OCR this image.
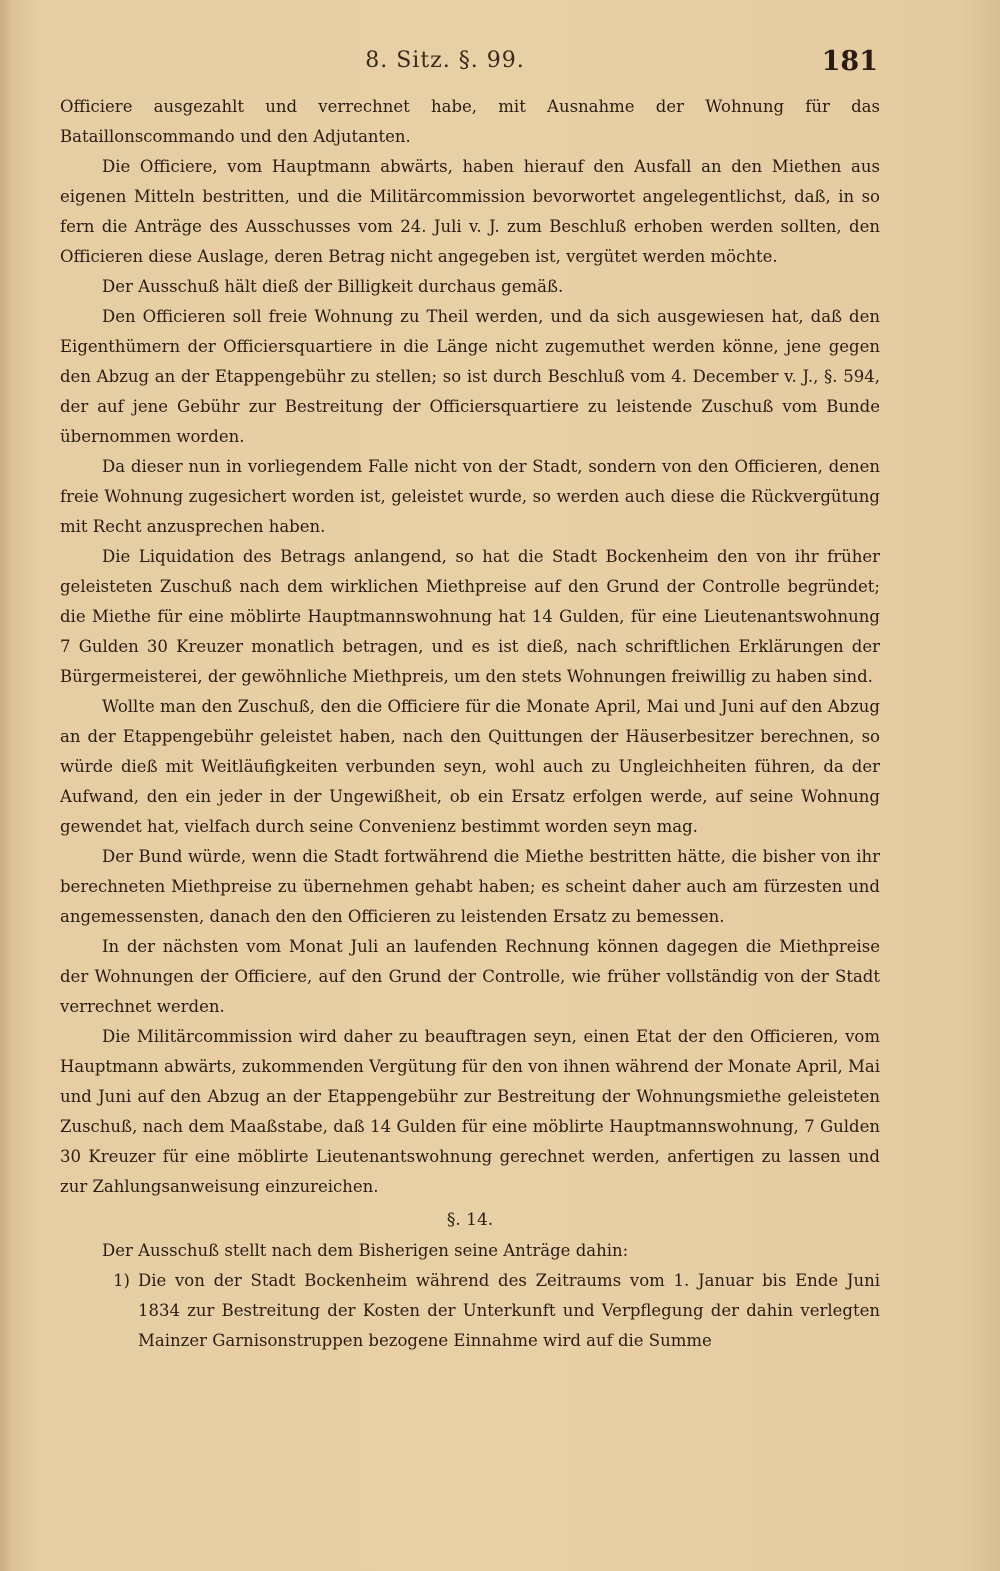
8. Sitz. §. 99.	181

Officiere ausgezahlt und verrechnet habe, mit Ausnahme der Wohnung für das Bataillonscommando und den Adjutanten.

Die Officiere, vom Hauptmann abwärts, haben hierauf den Ausfall an den Miethen aus eigenen Mitteln bestritten, und die Militärcommission bevorwortet angelegentlichst, daß, in so fern die Anträge des Ausschusses vom 24. Juli v. J. zum Beschluß erhoben werden sollten, den Officieren diese Auslage, deren Betrag nicht angegeben ist, vergütet werden möchte.

Der Ausschuß hält dieß der Billigkeit durchaus gemäß.

Den Officieren soll freie Wohnung zu Theil werden, und da sich ausgewiesen hat, daß den Eigenthümern der Officiersquartiere in die Länge nicht zugemuthet werden könne, jene gegen den Abzug an der Etappengebühr zu stellen; so ist durch Beschluß vom 4. December v. J., §. 594, der auf jene Gebühr zur Bestreitung der Officiersquartiere zu leistende Zuschuß vom Bunde übernommen worden.

Da dieser nun in vorliegendem Falle nicht von der Stadt, sondern von den Officieren, denen freie Wohnung zugesichert worden ist, geleistet wurde, so werden auch diese die Rückvergütung mit Recht anzusprechen haben.

Die Liquidation des Betrags anlangend, so hat die Stadt Bockenheim den von ihr früher geleisteten Zuschuß nach dem wirklichen Miethpreise auf den Grund der Controlle begründet; die Miethe für eine möblirte Hauptmannswohnung hat 14 Gulden, für eine Lieutenantswohnung 7 Gulden 30 Kreuzer monatlich betragen, und es ist dieß, nach schriftlichen Erklärungen der Bürgermeisterei, der gewöhnliche Miethpreis, um den stets Wohnungen freiwillig zu haben sind.

Wollte man den Zuschuß, den die Officiere für die Monate April, Mai und Juni auf den Abzug an der Etappengebühr geleistet haben, nach den Quittungen der Häuserbesitzer berechnen, so würde dieß mit Weitläufigkeiten verbunden seyn, wohl auch zu Ungleichheiten führen, da der Aufwand, den ein jeder in der Ungewißheit, ob ein Ersatz erfolgen werde, auf seine Wohnung gewendet hat, vielfach durch seine Convenienz bestimmt worden seyn mag.

Der Bund würde, wenn die Stadt fortwährend die Miethe bestritten hätte, die bisher von ihr berechneten Miethpreise zu übernehmen gehabt haben; es scheint daher auch am fürzesten und angemessensten, danach den den Officieren zu leistenden Ersatz zu bemessen.

In der nächsten vom Monat Juli an laufenden Rechnung können dagegen die Miethpreise der Wohnungen der Officiere, auf den Grund der Controlle, wie früher vollständig von der Stadt verrechnet werden.

Die Militärcommission wird daher zu beauftragen seyn, einen Etat der den Officieren, vom Hauptmann abwärts, zukommenden Vergütung für den von ihnen während der Monate April, Mai und Juni auf den Abzug an der Etappengebühr zur Bestreitung der Wohnungsmiethe geleisteten Zuschuß, nach dem Maaßstabe, daß 14 Gulden für eine möblirte Hauptmannswohnung, 7 Gulden 30 Kreuzer für eine möblirte Lieutenantswohnung gerechnet werden, anfertigen zu lassen und zur Zahlungsanweisung einzureichen.

§. 14.

Der Ausschuß stellt nach dem Bisherigen seine Anträge dahin:

1) Die von der Stadt Bockenheim während des Zeitraums vom 1. Januar bis Ende Juni 1834 zur Bestreitung der Kosten der Unterkunft und Verpflegung der dahin verlegten Mainzer Garnisonstruppen bezogene Einnahme wird auf die Summe
